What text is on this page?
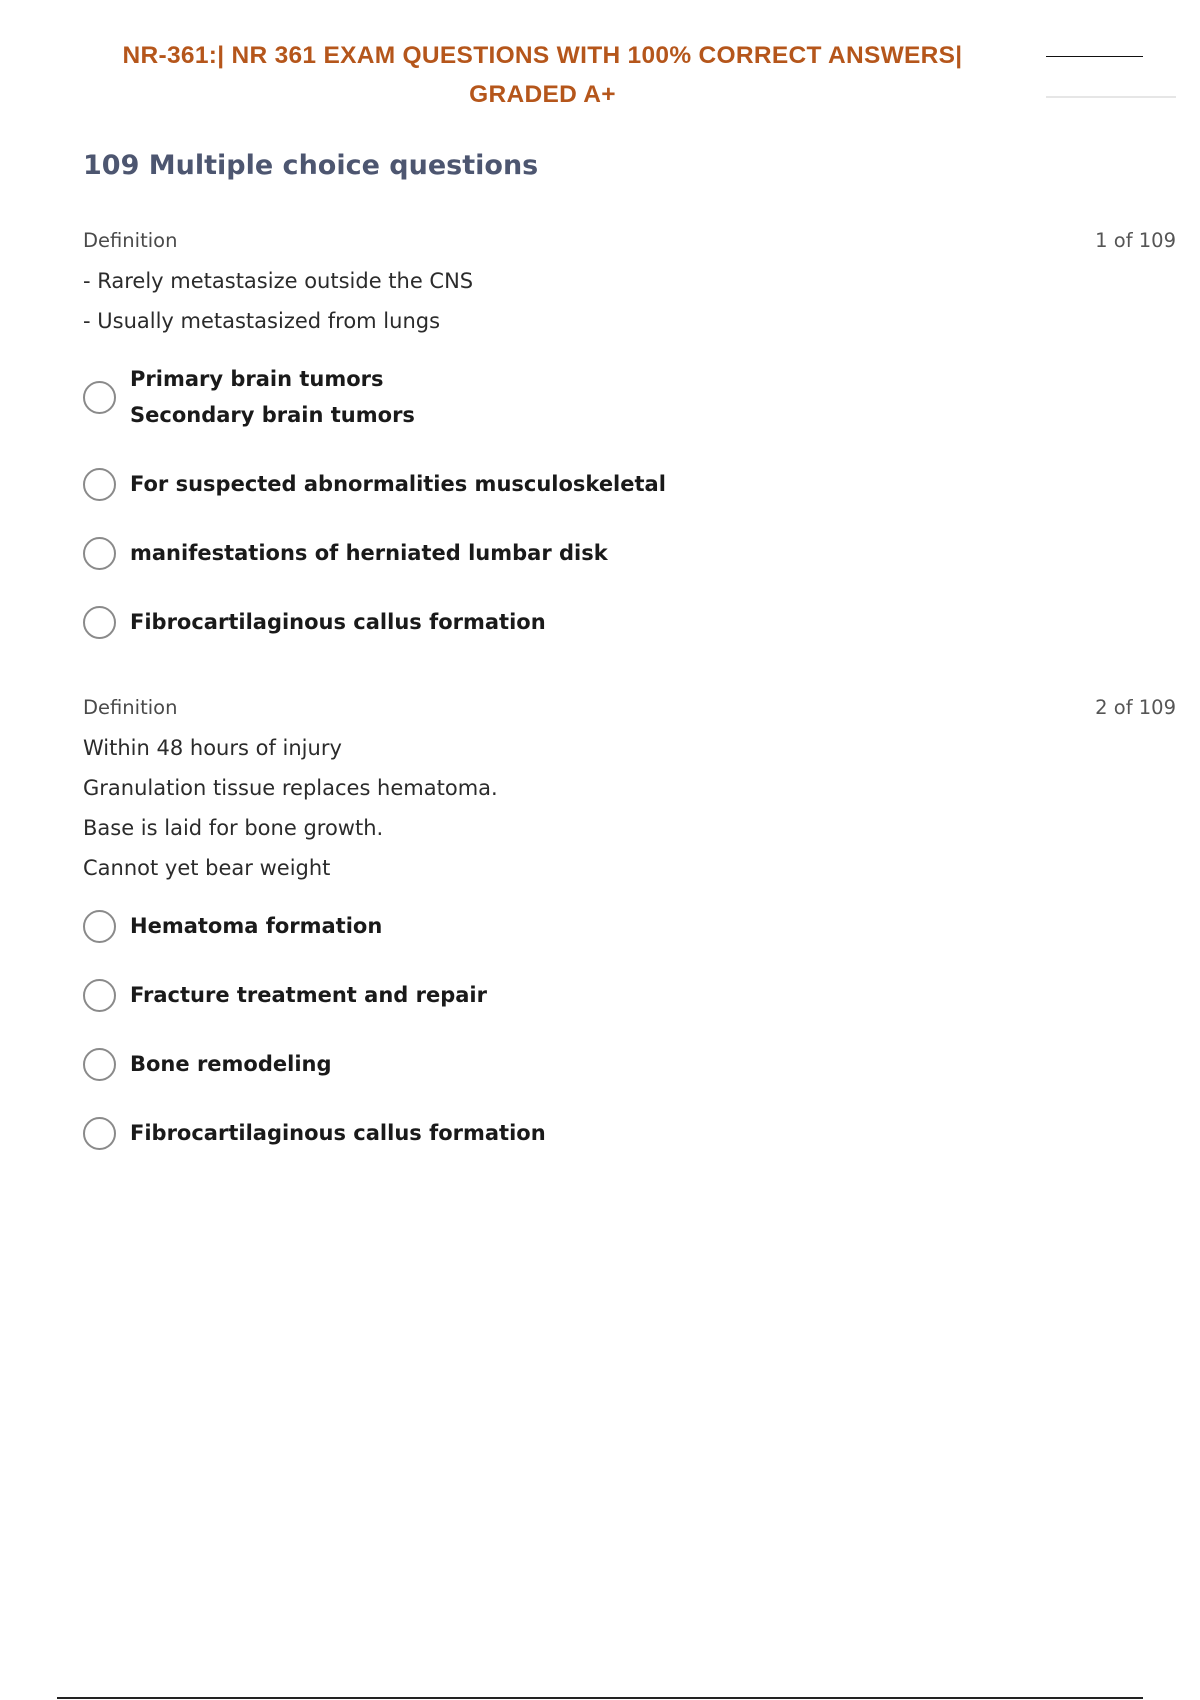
NR-361:| NR 361 EXAM QUESTIONS WITH 100% CORRECT ANSWERS|
GRADED A+
109 Multiple choice questions
Definition	1 of 109
- Rarely metastasize outside the CNS
- Usually metastasized from lungs
Primary brain tumors
Secondary brain tumors
For suspected abnormalities musculoskeletal
manifestations of herniated lumbar disk
Fibrocartilaginous callus formation
Definition	2 of 109
Within 48 hours of injury
Granulation tissue replaces hematoma.
Base is laid for bone growth.
Cannot yet bear weight
Hematoma formation
Fracture treatment and repair
Bone remodeling
Fibrocartilaginous callus formation
